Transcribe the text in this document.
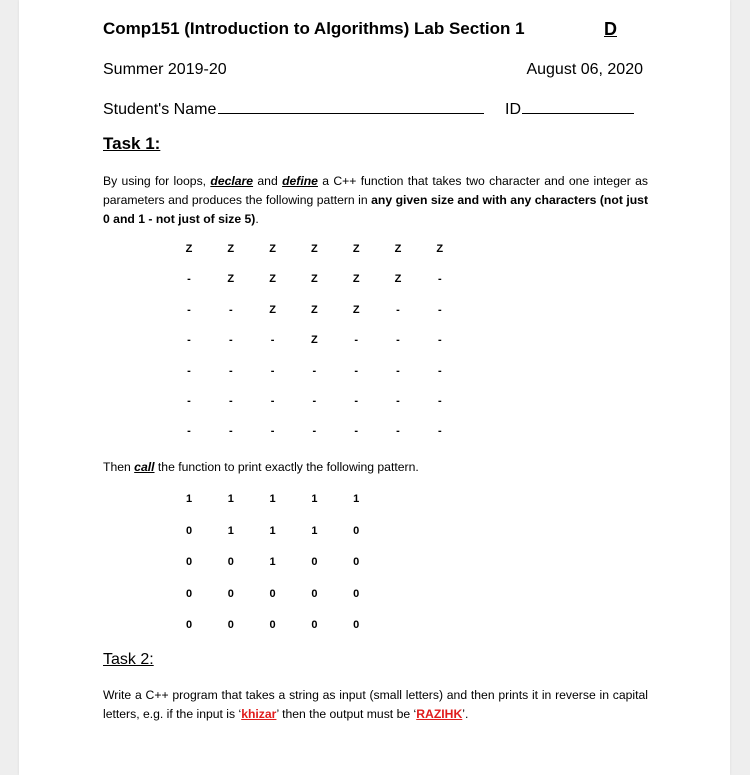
Comp151 (Introduction to Algorithms) Lab Section 1	D
Summer 2019-20	August 06, 2020
Student's Name	ID
Task 1:
By using for loops, declare and define a C++ function that takes two character and one integer as parameters and produces the following pattern in any given size and with any characters (not just 0 and 1 - not just of size 5).
Z	Z	Z	Z	Z	Z	Z
-	Z	Z	Z	Z	Z	-
-	-	Z	Z	Z	-	-
-	-	-	Z	-	-	-
-	-	-	-	-	-	-
-	-	-	-	-	-	-
-	-	-	-	-	-	-
Then call the function to print exactly the following pattern.
1	1	1	1	1
0	1	1	1	0
0	0	1	0	0
0	0	0	0	0
0	0	0	0	0
Task 2:
Write a C++ program that takes a string as input (small letters) and then prints it in reverse in capital letters, e.g. if the input is ‘khizar’ then the output must be ‘RAZIHK’.
